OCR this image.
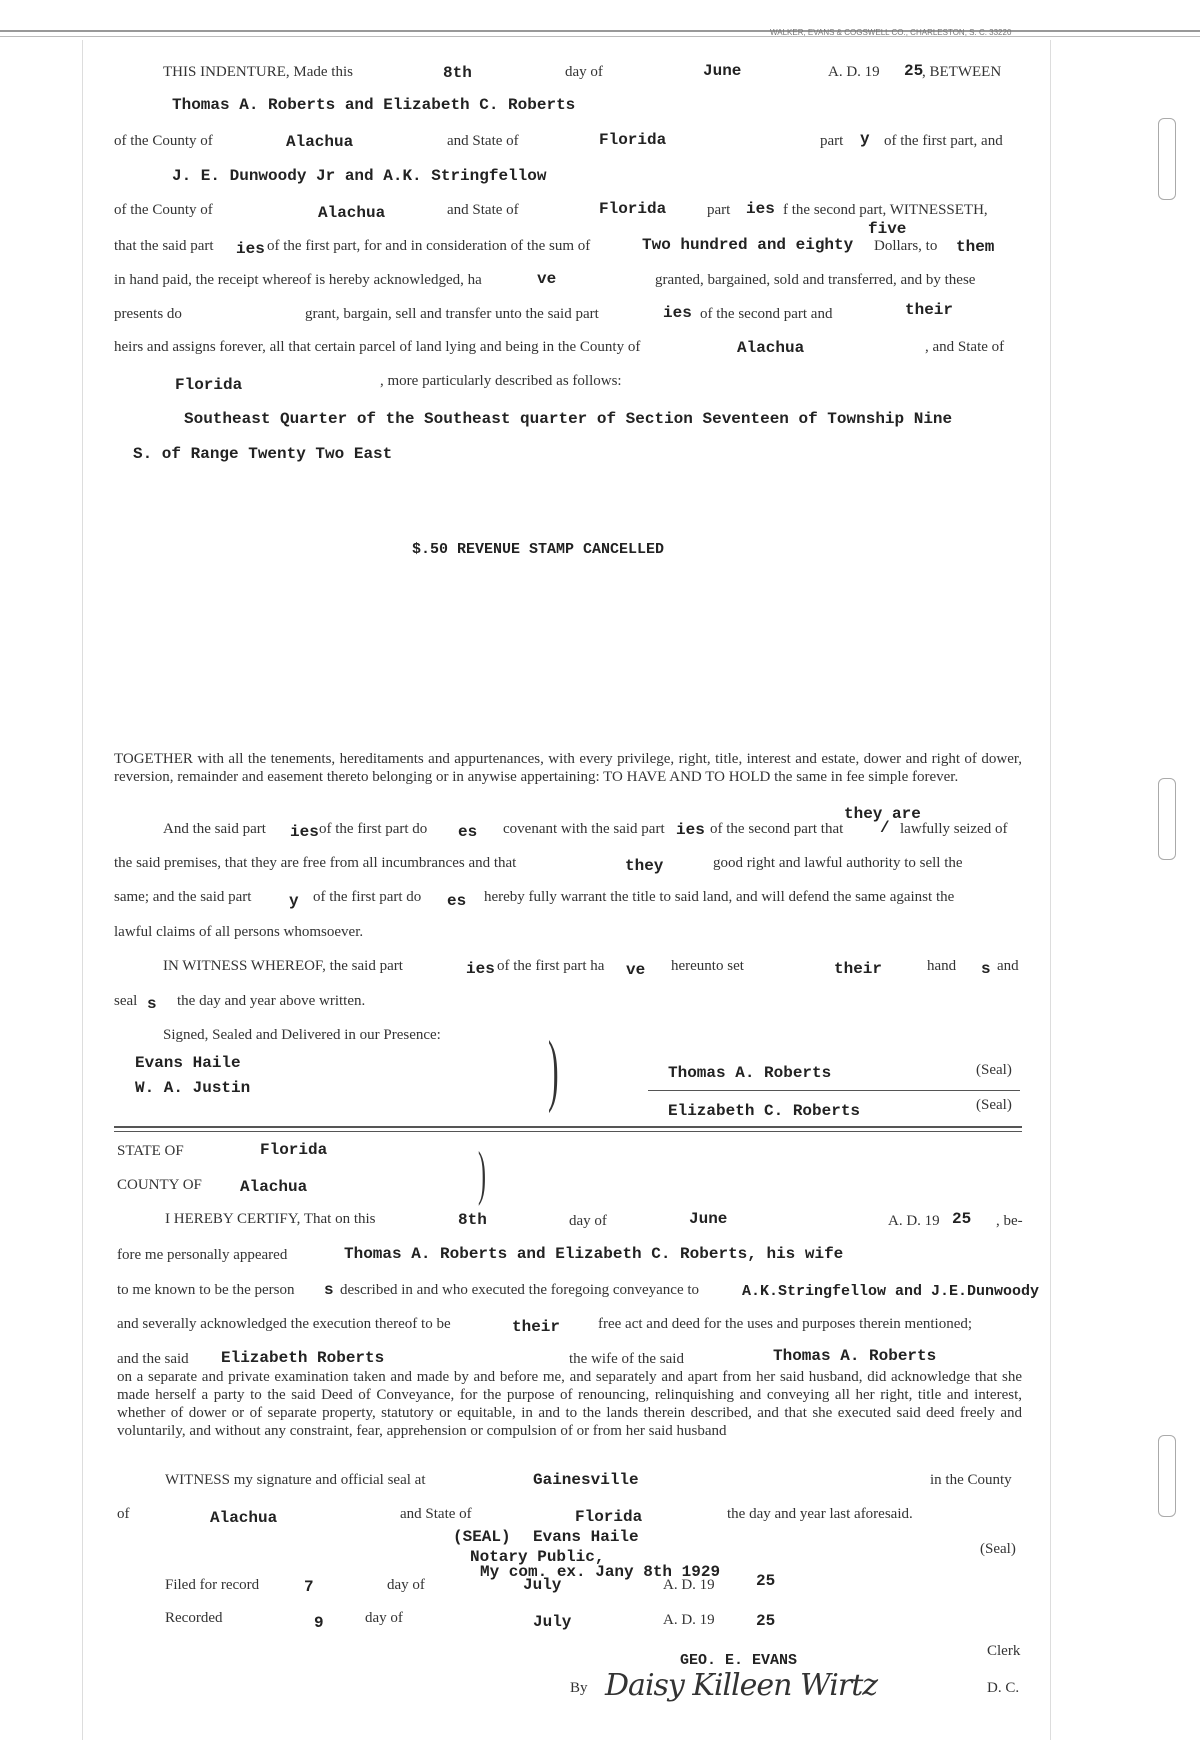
WALKER, EVANS & COGSWELL CO., CHARLESTON, S. C. 33220
THIS INDENTURE, Made this	8th	day of	June	A. D. 19 25
, BETWEEN
Thomas A. Roberts and Elizabeth C. Roberts
of the County of	Alachua	and State of	Florida	part y of the first part, and
J. E. Dunwoody Jr and A.K. Stringfellow
of the County of	Alachua	and State of	Florida	part ies f the second part, WITNESSETH,
that the said part ies of the first part, for and in consideration of the sum of
five
Two hundred and eighty Dollars, to them
in hand paid, the receipt whereof is hereby acknowledged, ha	ve	granted, bargained, sold and transferred, and by these
presents do	grant, bargain, sell and transfer unto the said part	ies of the second part and	their
heirs and assigns forever, all that certain parcel of land lying and being in the County of	Alachua	, and State of
Florida	, more particularly described as follows:
Southeast Quarter of the Southeast quarter of Section Seventeen of Township Nine
S. of Range Twenty Two East
$.50 REVENUE STAMP CANCELLED
TOGETHER with all the tenements, hereditaments and appurtenances, with every privilege, right, title, interest and estate, dower and right of dower, reversion, remainder and easement thereto belonging or in anywise appertaining: TO HAVE AND TO HOLD the same in fee simple forever.
they are
And the said part ies of the first part do es covenant with the said part ies of the second part that / lawfully seized of
the said premises, that they are free from all incumbrances and that	they	good right and lawful authority to sell the
same; and the said part y of the first part do es hereby fully warrant the title to said land, and will defend the same against the
lawful claims of all persons whomsoever.
IN WITNESS WHEREOF, the said part	ies of the first part ha ve hereunto set	their	hand s and
seal s the day and year above written.
Signed, Sealed and Delivered in our Presence:
Evans Haile
W. A. Justin	)	Thomas A. Roberts	(Seal)
Elizabeth C. Roberts	(Seal)
STATE OF	Florida
COUNTY OF Alachua	)
I HEREBY CERTIFY, That on this	8th	day of	June	A. D. 19 25 , be-
fore me personally appeared	Thomas A. Roberts and Elizabeth C. Roberts, his wife
to me known to be the person s described in and who executed the foregoing conveyance to	A.K.Stringfellow and J.E.Dunwoody
and severally acknowledged the execution thereof to be	their	free act and deed for the uses and purposes therein mentioned;
and the said Elizabeth Roberts	the wife of the said	Thomas A. Roberts
on a separate and private examination taken and made by and before me, and separately and apart from her said husband, did acknowledge that she made herself a party to the said Deed of Conveyance, for the purpose of renouncing, relinquishing and conveying all her right, title and interest, whether of dower or of separate property, statutory or equitable, in and to the lands therein described, and that she executed said deed freely and voluntarily, and without any constraint, fear, apprehension or compulsion of or from her said husband
WITNESS my signature and official seal at	Gainesville	in the County
of	Alachua	and State of	Florida	the day and year last aforesaid.
(SEAL) Evans Haile
Notary Public,
My com. ex. Jany 8th 1929
(Seal)
Filed for record	7	day of	July	A. D. 19	25
Recorded	9	day of	July	A. D. 19	25
Clerk
GEO. E. EVANS
By Daisy Killeen Wirtz	D. C.
